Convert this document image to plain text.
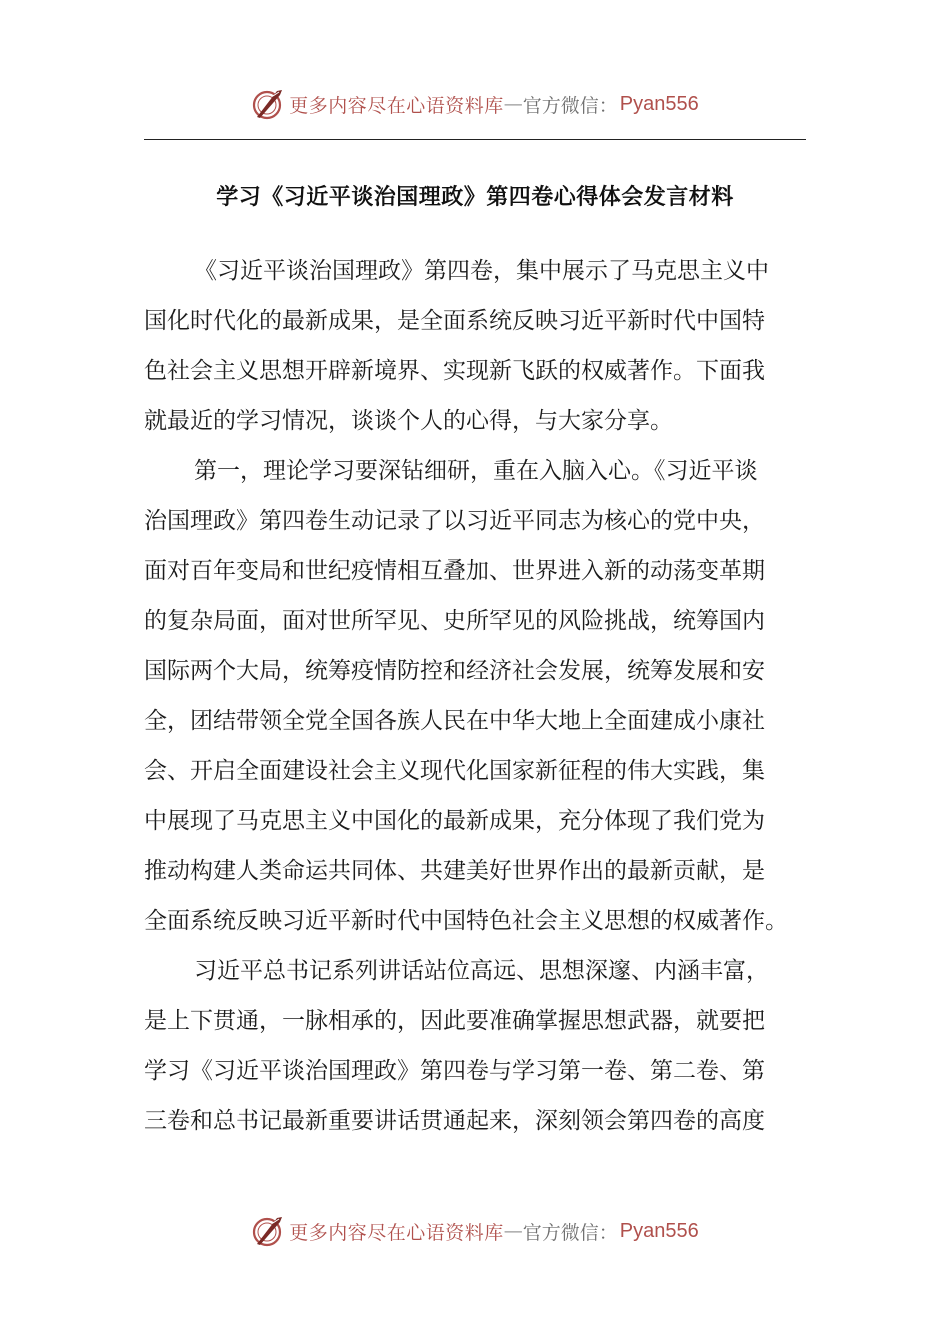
更多内容尽在心语资料库 — 官方微信： Pyan556
学习《习近平谈治国理政》第四卷心得体会发言材料
《习近平谈治国理政》第四卷，集中展示了马克思主义中
国化时代化的最新成果，是全面系统反映习近平新时代中国特
色社会主义思想开辟新境界、实现新飞跃的权威著作。下面我
就最近的学习情况，谈谈个人的心得，与大家分享。
第一，理论学习要深钻细研，重在入脑入心。《习近平谈
治国理政》第四卷生动记录了以习近平同志为核心的党中央，
面对百年变局和世纪疫情相互叠加、世界进入新的动荡变革期
的复杂局面，面对世所罕见、史所罕见的风险挑战，统筹国内
国际两个大局，统筹疫情防控和经济社会发展，统筹发展和安
全，团结带领全党全国各族人民在中华大地上全面建成小康社
会、开启全面建设社会主义现代化国家新征程的伟大实践，集
中展现了马克思主义中国化的最新成果，充分体现了我们党为
推动构建人类命运共同体、共建美好世界作出的最新贡献，是
全面系统反映习近平新时代中国特色社会主义思想的权威著作。
习近平总书记系列讲话站位高远、思想深邃、内涵丰富，
是上下贯通，一脉相承的，因此要准确掌握思想武器，就要把
学习《习近平谈治国理政》第四卷与学习第一卷、第二卷、第
三卷和总书记最新重要讲话贯通起来，深刻领会第四卷的高度
更多内容尽在心语资料库 — 官方微信： Pyan556
